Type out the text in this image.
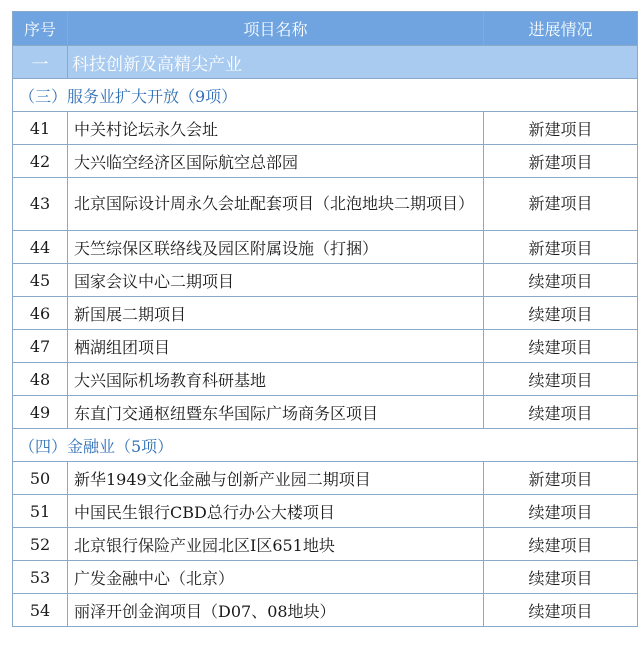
序号	项目名称	进展情况
一	科技创新及高精尖产业	
（三）服务业扩大开放（9项）		
41	中关村论坛永久会址	新建项目
42	大兴临空经济区国际航空总部园	新建项目
43	北京国际设计周永久会址配套项目（北泡地块二期项目）	新建项目
44	天竺综保区联络线及园区附属设施（打捆）	新建项目
45	国家会议中心二期项目	续建项目
46	新国展二期项目	续建项目
47	栖湖组团项目	续建项目
48	大兴国际机场教育科研基地	续建项目
49	东直门交通枢纽暨东华国际广场商务区项目	续建项目
（四）金融业（5项）		
50	新华1949文化金融与创新产业园二期项目	新建项目
51	中国民生银行CBD总行办公大楼项目	续建项目
52	北京银行保险产业园北区I区651地块	续建项目
53	广发金融中心（北京）	续建项目
54	丽泽开创金润项目（D07、08地块）	续建项目
